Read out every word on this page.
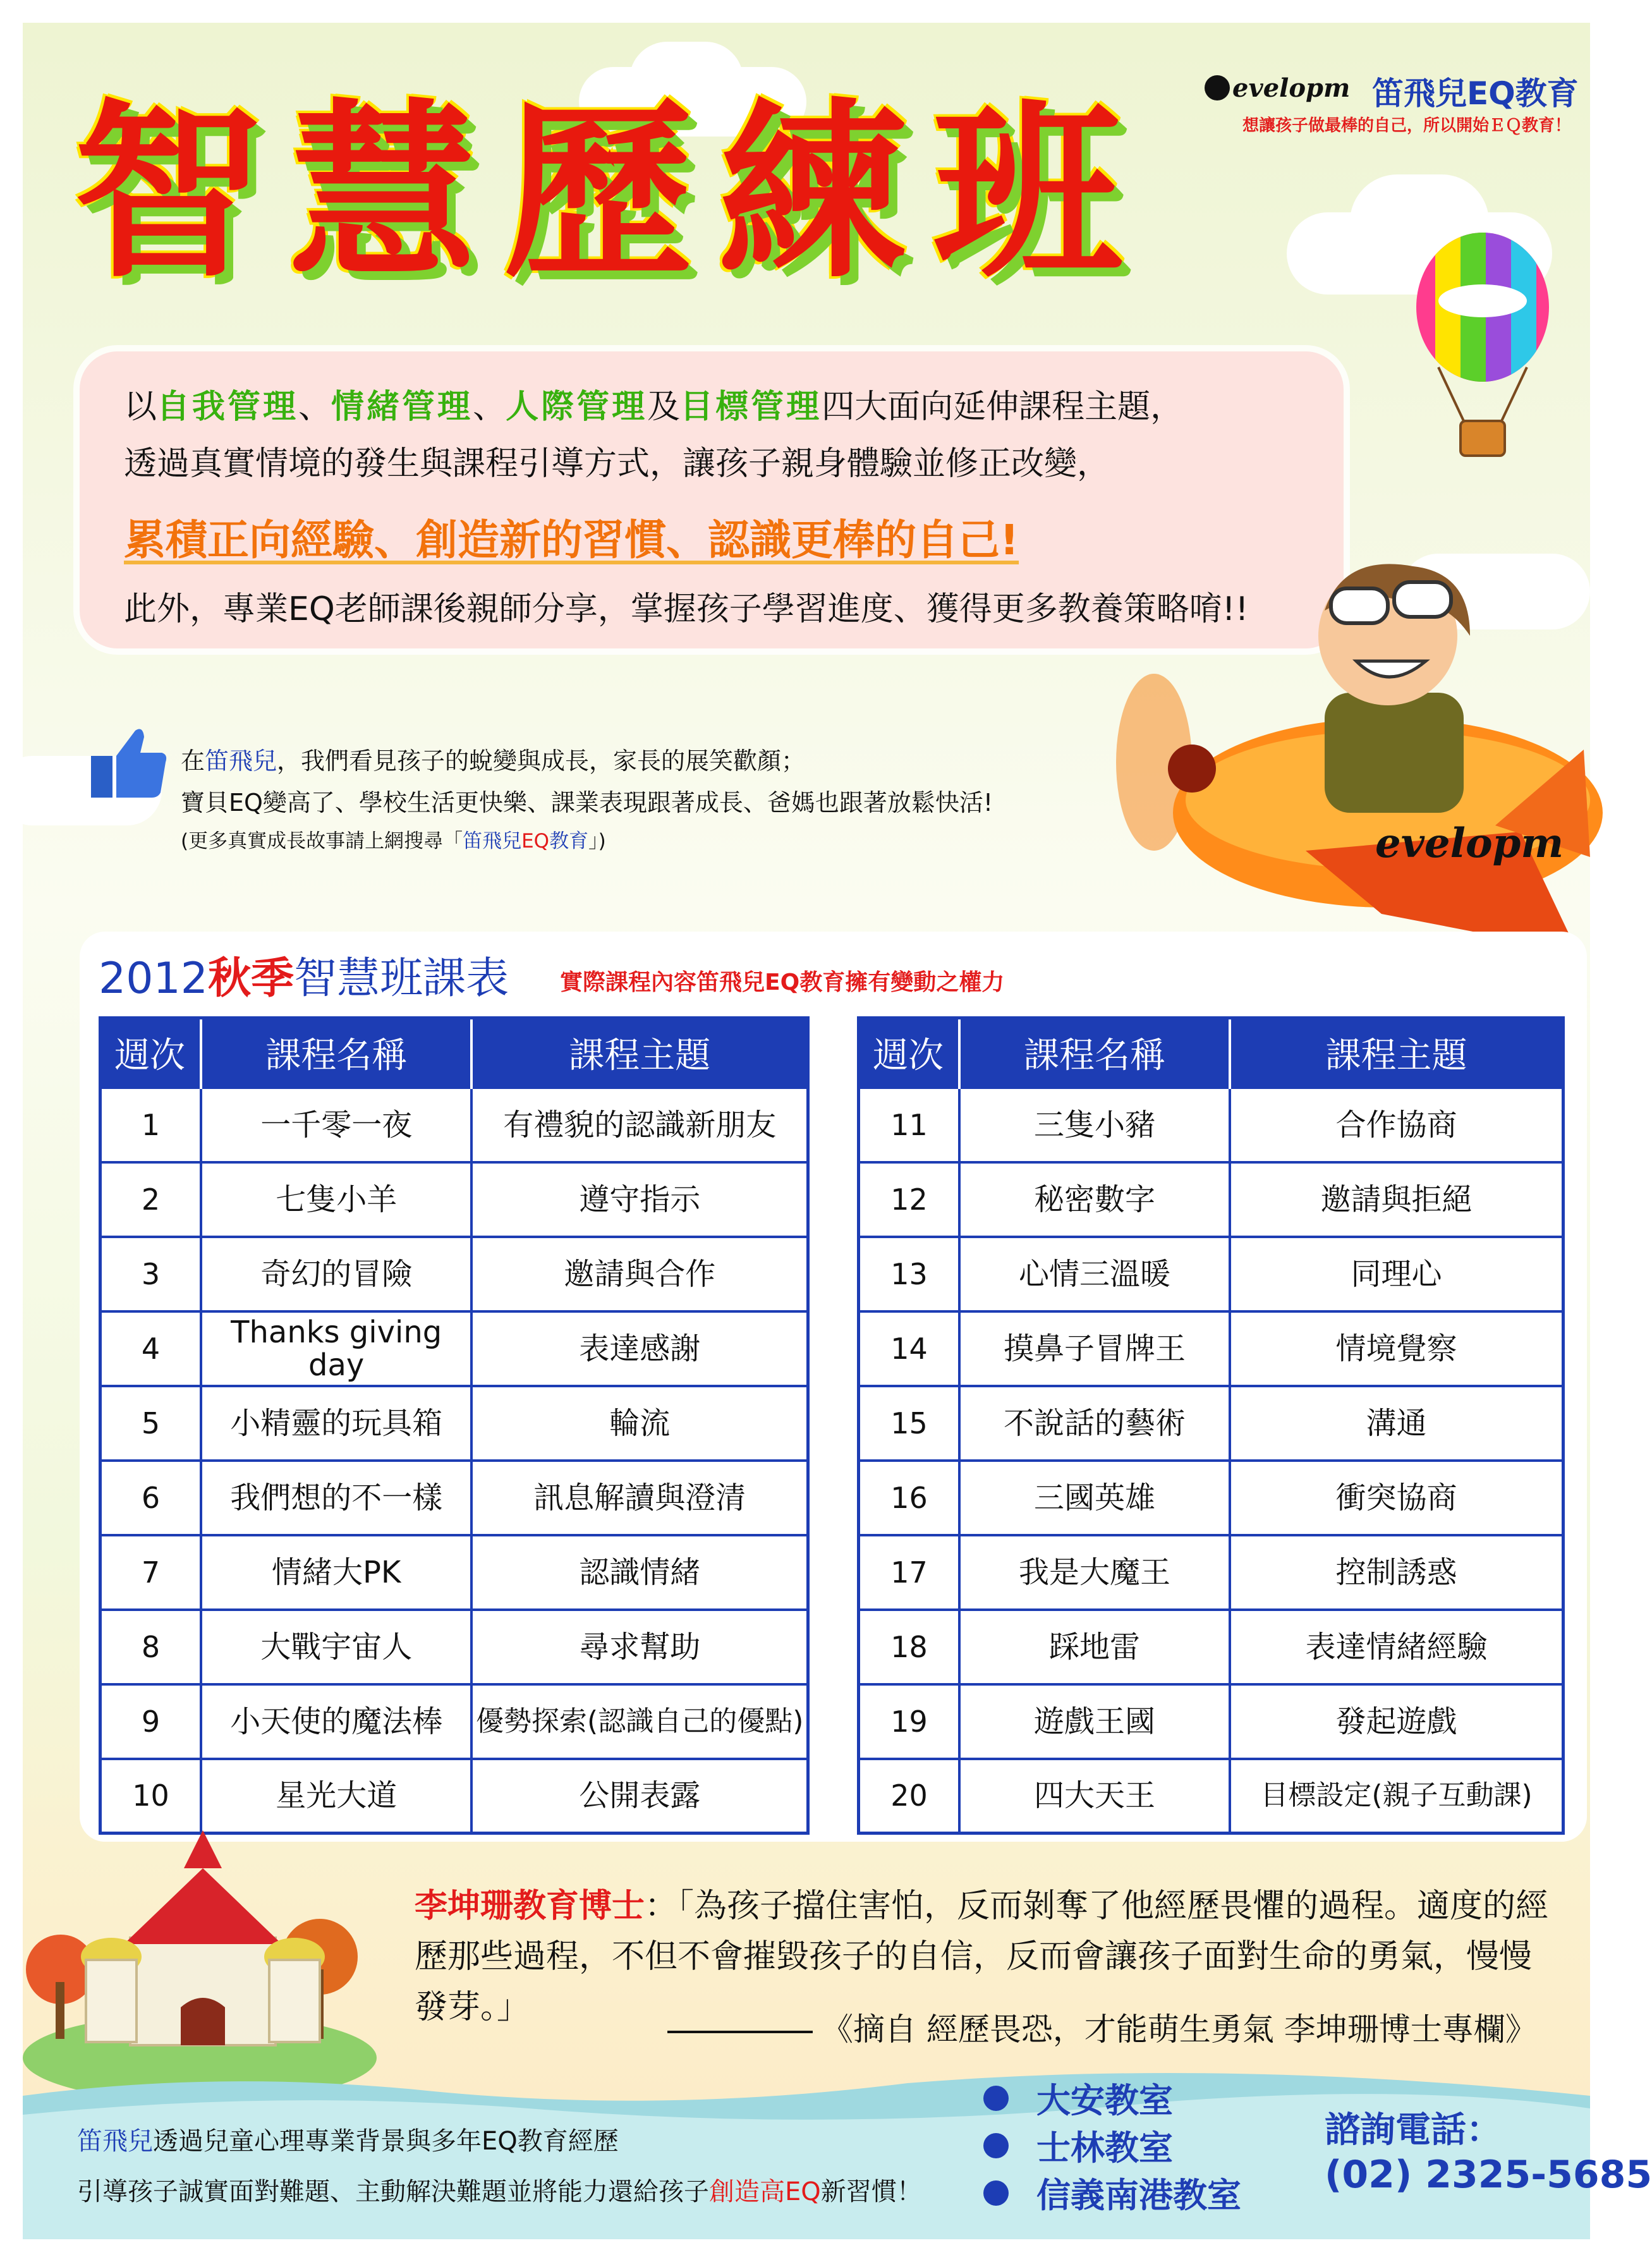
智慧歷練班	evelopm 笛飛兒EQ教育
想讓孩子做最棒的自己，所以開始ＥＱ教育！

以自我管理、情緒管理、人際管理及目標管理四大面向延伸課程主題，

透過真實情境的發生與課程引導方式，讓孩子親身體驗並修正改變，

累積正向經驗、創造新的習慣、認識更棒的自己!

此外，專業EQ老師課後親師分享，掌握孩子學習進度、獲得更多教養策略唷!!

evelopm

在笛飛兒，我們看見孩子的蛻變與成長，家長的展笑歡顏；

寶貝EQ變高了、學校生活更快樂、課業表現跟著成長、爸媽也跟著放鬆快活!

(更多真實成長故事請上網搜尋「笛飛兒EQ教育」)

2012秋季智慧班課表 實際課程內容笛飛兒EQ教育擁有變動之權力
週次	課程名稱	課程主題
1	一千零一夜	有禮貌的認識新朋友
2	七隻小羊	遵守指示
3	奇幻的冒險	邀請與合作
4	Thanks giving day	表達感謝
5	小精靈的玩具箱	輪流
6	我們想的不一樣	訊息解讀與澄清
7	情緒大PK	認識情緒
8	大戰宇宙人	尋求幫助
9	小天使的魔法棒	優勢探索(認識自己的優點)
10	星光大道	公開表露
週次	課程名稱	課程主題
11	三隻小豬	合作協商
12	秘密數字	邀請與拒絕
13	心情三溫暖	同理心
14	摸鼻子冒牌王	情境覺察
15	不說話的藝術	溝通
16	三國英雄	衝突協商
17	我是大魔王	控制誘惑
18	踩地雷	表達情緒經驗
19	遊戲王國	發起遊戲
20	四大天王	目標設定(親子互動課)

李坤珊教育博士：「為孩子擋住害怕，反而剝奪了他經歷畏懼的過程。適度的經歷那些過程，不但不會摧毀孩子的自信，反而會讓孩子面對生命的勇氣，慢慢發芽。」

《摘自 經歷畏恐，才能萌生勇氣 李坤珊博士專欄》
笛飛兒透過兒童心理專業背景與多年EQ教育經歷
引導孩子誠實面對難題、主動解決難題並將能力還給孩子創造高EQ新習慣！
大安教室
士林教室
信義南港教室
諮詢電話：
(02) 2325-5685
